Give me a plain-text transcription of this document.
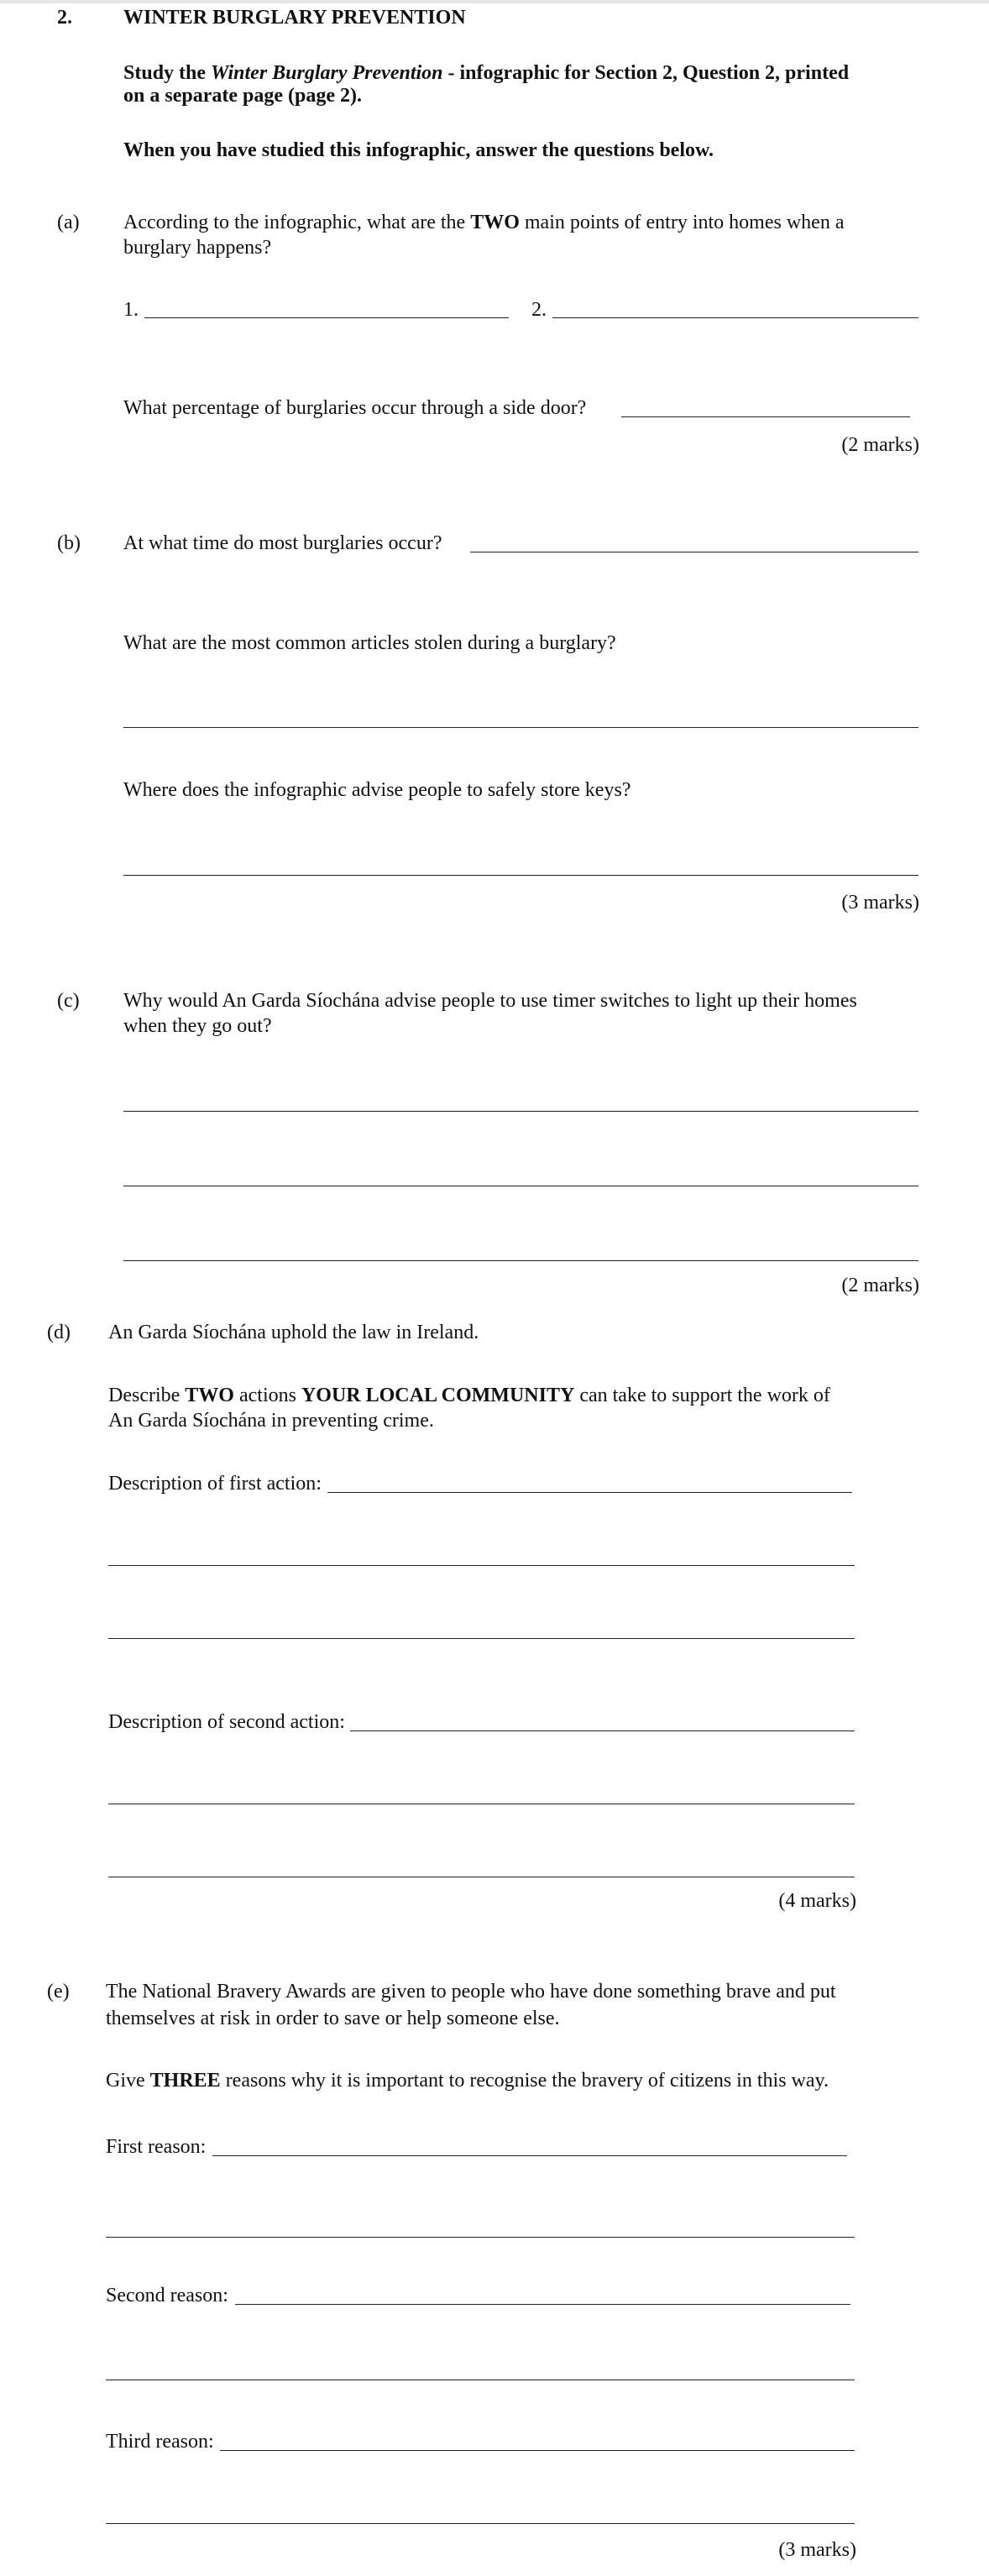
2.	WINTER BURGLARY PREVENTION
Study the Winter Burglary Prevention - infographic for Section 2, Question 2, printed
on a separate page (page 2).
When you have studied this infographic, answer the questions below.
(a) According to the infographic, what are the TWO main points of entry into homes when a
burglary happens?
1.	2.
What percentage of burglaries occur through a side door?
(2 marks)
(b) At what time do most burglaries occur?
What are the most common articles stolen during a burglary?
Where does the infographic advise people to safely store keys?
(3 marks)
(c) Why would An Garda Síochána advise people to use timer switches to light up their homes
when they go out?
(2 marks)
(d) An Garda Síochána uphold the law in Ireland.
Describe TWO actions YOUR LOCAL COMMUNITY can take to support the work of
An Garda Síochána in preventing crime.
Description of first action:
Description of second action:
(4 marks)
(e) The National Bravery Awards are given to people who have done something brave and put
themselves at risk in order to save or help someone else.
Give THREE reasons why it is important to recognise the bravery of citizens in this way.
First reason:
Second reason:
Third reason:
(3 marks)
